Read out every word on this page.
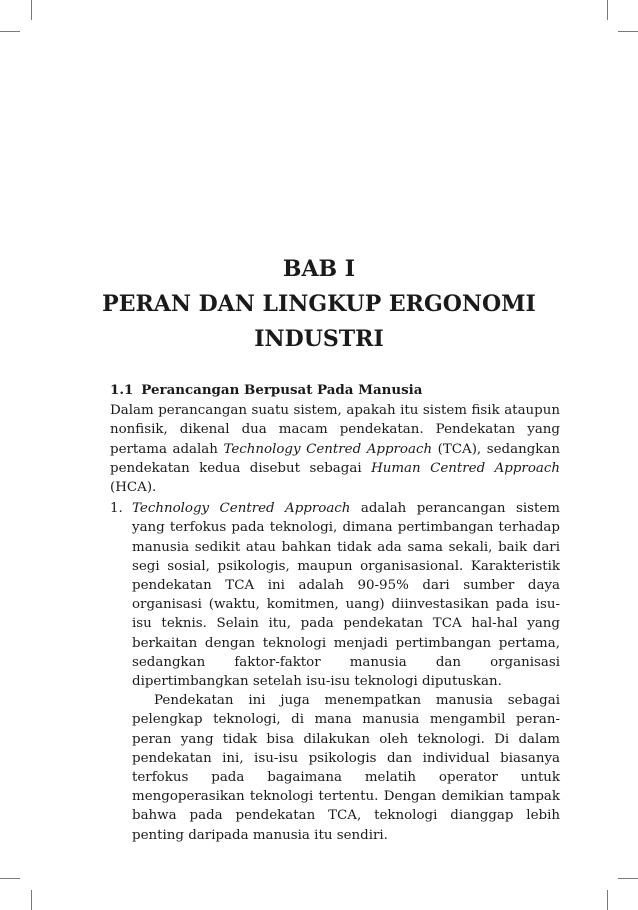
BAB I
PERAN DAN LINGKUP ERGONOMI
INDUSTRI
1.1 Perancangan Berpusat Pada Manusia

Dalam perancangan suatu sistem, apakah itu sistem fisik ataupun nonfisik, dikenal dua macam pendekatan. Pendekatan yang pertama adalah Technology Centred Approach (TCA), sedangkan pendekatan kedua disebut sebagai Human Centred Approach (HCA).

1. Technology Centred Approach adalah perancangan sistem yang terfokus pada teknologi, dimana pertimbangan terhadap manusia sedikit atau bahkan tidak ada sama sekali, baik dari segi sosial, psikologis, maupun organisasional. Karakteristik pendekatan TCA ini adalah 90-95% dari sumber daya organisasi (waktu, komitmen, uang) diinvestasikan pada isu-isu teknis. Selain itu, pada pendekatan TCA hal-hal yang berkaitan dengan teknologi menjadi pertimbangan pertama, sedangkan faktor-faktor manusia dan organisasi dipertimbangkan setelah isu-isu teknologi diputuskan.

Pendekatan ini juga menempatkan manusia sebagai pelengkap teknologi, di mana manusia mengambil peran-peran yang tidak bisa dilakukan oleh teknologi. Di dalam pendekatan ini, isu-isu psikologis dan individual biasanya terfokus pada bagaimana melatih operator untuk mengoperasikan teknologi tertentu. Dengan demikian tampak bahwa pada pendekatan TCA, teknologi dianggap lebih penting daripada manusia itu sendiri.
